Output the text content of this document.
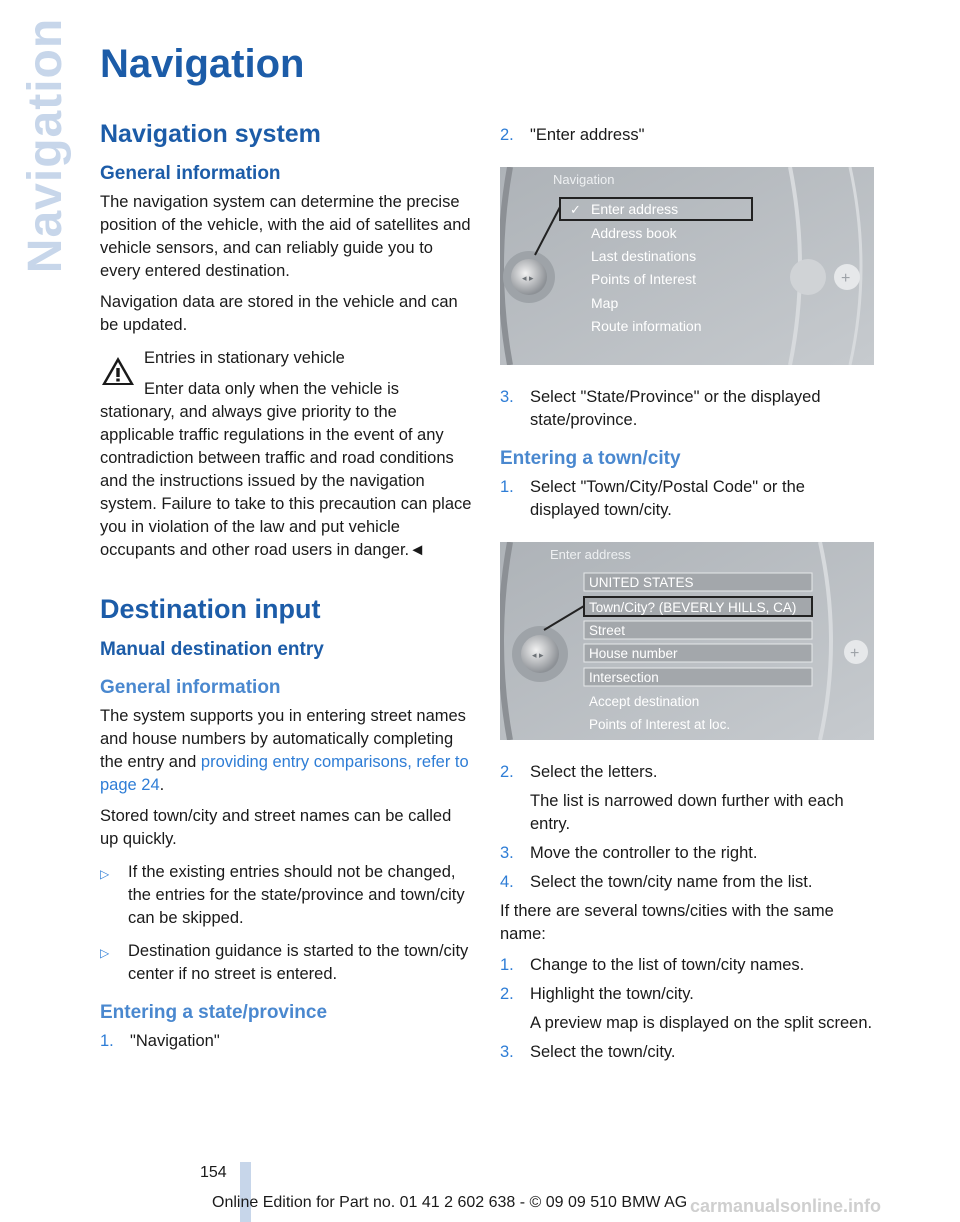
Navigation Navigation
Navigation system
General information

The navigation system can determine the precise position of the vehicle, with the aid of satellites and vehicle sensors, and can reliably guide you to every entered destination.

Navigation data are stored in the vehicle and can be updated.

Entries in stationary vehicle

Enter data only when the vehicle is stationary, and always give priority to the applicable traffic regulations in the event of any contradiction between traffic and road conditions and the instructions issued by the navigation system. Failure to take to this precaution can place you in violation of the law and put vehicle occupants and other road users in danger.◄

Destination input
Manual destination entry
General information

The system supports you in entering street names and house numbers by automatically completing the entry and providing entry comparisons, refer to page 24.

Stored town/city and street names can be called up quickly.

▷	If the existing entries should not be changed, the entries for the state/province and town/city can be skipped.
▷	Destination guidance is started to the town/city center if no street is entered.
Entering a state/province
1. "Navigation"
2. "Enter address"
◂ ▸	+
Navigation
✓ Enter address
Address book
Last destinations
Points of Interest
Map
Route information
3. Select "State/Province" or the displayed state/province.
Entering a town/city
1. Select "Town/City/Postal Code" or the displayed town/city.
◂ ▸	+
Enter address
UNITED STATES
Town/City? (BEVERLY HILLS, CA)
Street
House number
Intersection
Accept destination
Points of Interest at loc.
2. Select the letters.
The list is narrowed down further with each entry.
3. Move the controller to the right.
4. Select the town/city name from the list.

If there are several towns/cities with the same name:

1. Change to the list of town/city names.
2. Highlight the town/city.
A preview map is displayed on the split screen.
3. Select the town/city.
154
Online Edition for Part no. 01 41 2 602 638 - © 09 09 510 BMW AG carmanualsonline.info
